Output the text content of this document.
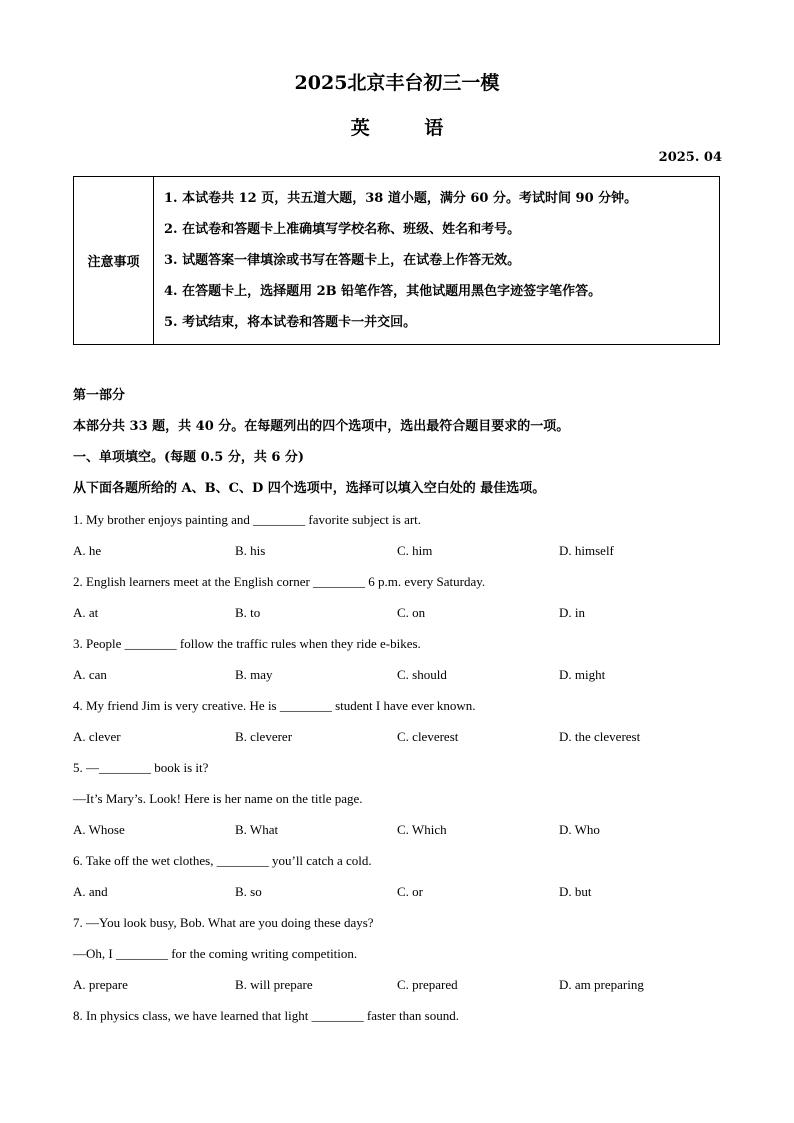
2025北京丰台初三一模
英 语
2025. 04
注意事项	
1. 本试卷共 12 页，共五道大题，38 道小题，满分 60 分。考试时间 90 分钟。
2. 在试卷和答题卡上准确填写学校名称、班级、姓名和考号。
3. 试题答案一律填涂或书写在答题卡上，在试卷上作答无效。
4. 在答题卡上，选择题用 2B 铅笔作答，其他试题用黑色字迹签字笔作答。
5. 考试结束，将本试卷和答题卡一并交回。
第一部分
本部分共 33 题，共 40 分。在每题列出的四个选项中，选出最符合题目要求的一项。
一、单项填空。(每题 0.5 分，共 6 分)
从下面各题所给的 A、B、C、D 四个选项中，选择可以填入空白处的 最佳选项。
1. My brother enjoys painting and ________ favorite subject is art.
A. he	B. his	C. him	D. himself
2. English learners meet at the English corner ________ 6 p.m. every Saturday.
A. at	B. to	C. on	D. in
3. People ________ follow the traffic rules when they ride e-bikes.
A. can	B. may	C. should	D. might
4. My friend Jim is very creative. He is ________ student I have ever known.
A. clever	B. cleverer	C. cleverest	D. the cleverest
5. —________ book is it?
—It’s Mary’s. Look! Here is her name on the title page.
A. Whose	B. What	C. Which	D. Who
6. Take off the wet clothes, ________ you’ll catch a cold.
A. and	B. so	C. or	D. but
7. —You look busy, Bob. What are you doing these days?
—Oh, I ________ for the coming writing competition.
A. prepare	B. will prepare	C. prepared	D. am preparing
8. In physics class, we have learned that light ________ faster than sound.
